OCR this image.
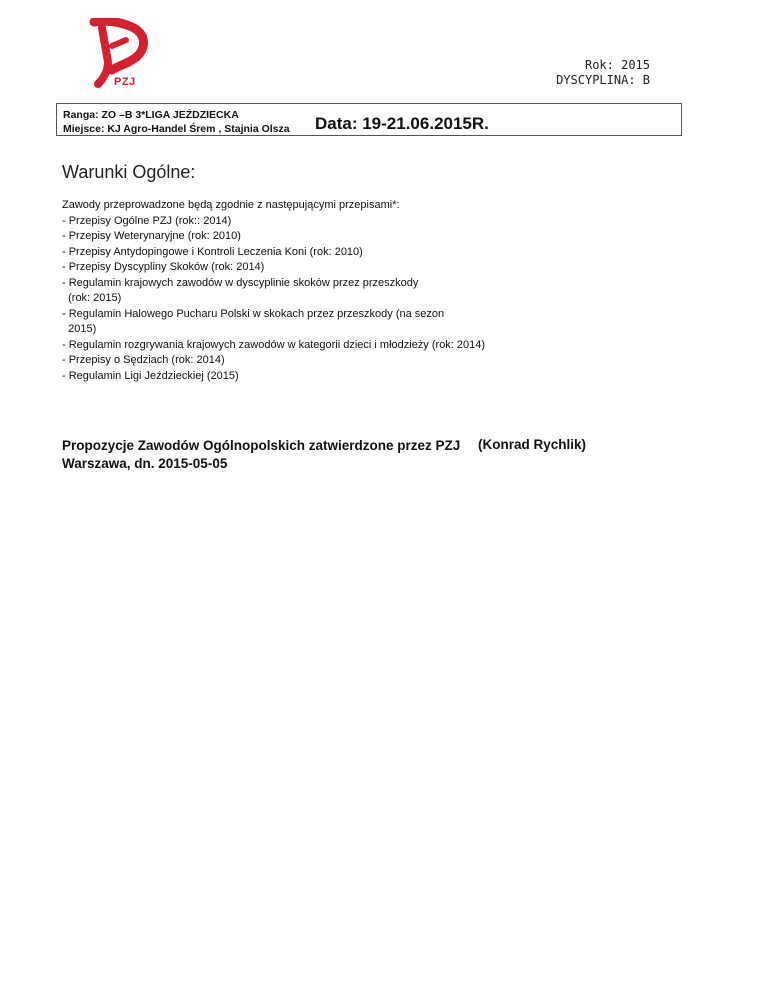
PZJ
Rok: 2015
DYSCYPLINA: B
Ranga: ZO –B 3*LIGA JEŹDZIECKA
Miejsce: KJ Agro-Handel Śrem , Stajnia Olsza Data: 19-21.06.2015R.
Warunki Ogólne:
Zawody przeprowadzone będą zgodnie z następującymi przepisami*:
- Przepisy Ogólne PZJ (rok:: 2014)
- Przepisy Weterynaryjne (rok: 2010)
- Przepisy Antydopingowe i Kontroli Leczenia Koni (rok: 2010)
- Przepisy Dyscypliny Skoków (rok: 2014)
- Regulamin krajowych zawodów w dyscyplinie skoków przez przeszkody
(rok: 2015)
- Regulamin Halowego Pucharu Polski w skokach przez przeszkody (na sezon
2015)
- Regulamin rozgrywania krajowych zawodów w kategorii dzieci i młodzieży (rok: 2014)
- Przepisy o Sędziach (rok: 2014)
- Regulamin Ligi Jeździeckiej (2015)
Propozycje Zawodów Ogólnopolskich zatwierdzone przez PZJ
Warszawa, dn. 2015-05-05
(Konrad Rychlik)
